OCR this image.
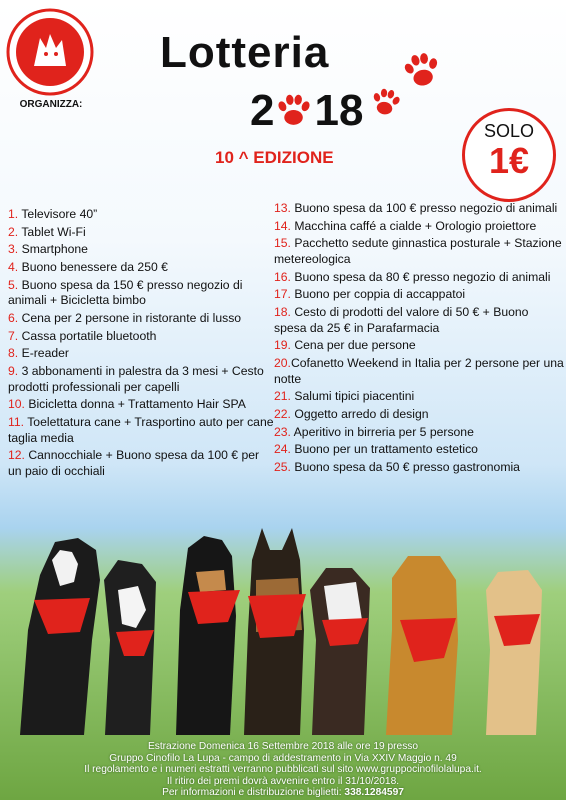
ORGANIZZA:
Lotteria
2 18
10 ^ EDIZIONE
SOLO
1€
1. Televisore 40”
2. Tablet Wi-Fi
3. Smartphone
4. Buono benessere da 250 €
5. Buono spesa da 150 € presso negozio di animali + Bicicletta bimbo
6. Cena per 2 persone in ristorante di lusso
7. Cassa portatile bluetooth
8. E-reader
9. 3 abbonamenti in palestra da 3 mesi + Cesto prodotti professionali per capelli
10. Bicicletta donna + Trattamento Hair SPA
11. Toelettatura cane + Trasportino auto per cane taglia media
12. Cannocchiale + Buono spesa da 100 € per un paio di occhiali
13. Buono spesa da 100 € presso negozio di animali
14. Macchina caffé a cialde + Orologio proiettore
15. Pacchetto sedute ginnastica posturale + Stazione metereologica
16. Buono spesa da 80 € presso negozio di animali
17. Buono per coppia di accappatoi
18. Cesto di prodotti del valore di 50 € + Buono spesa da 25 € in Parafarmacia
19. Cena per due persone
20.Cofanetto Weekend in Italia per 2 persone per una notte
21. Salumi tipici piacentini
22. Oggetto arredo di design
23. Aperitivo in birreria per 5 persone
24. Buono per un trattamento estetico
25. Buono spesa da 50 € presso gastronomia
Estrazione Domenica 16 Settembre 2018 alle ore 19 presso
Gruppo Cinofilo La Lupa - campo di addestramento in Via XXIV Maggio n. 49
Il regolamento e i numeri estratti verranno pubblicati sul sito www.gruppocinofilolalupa.it.
Il ritiro dei premi dovrà avvenire entro il 31/10/2018.
Per informazioni e distribuzione biglietti: 338.1284597
